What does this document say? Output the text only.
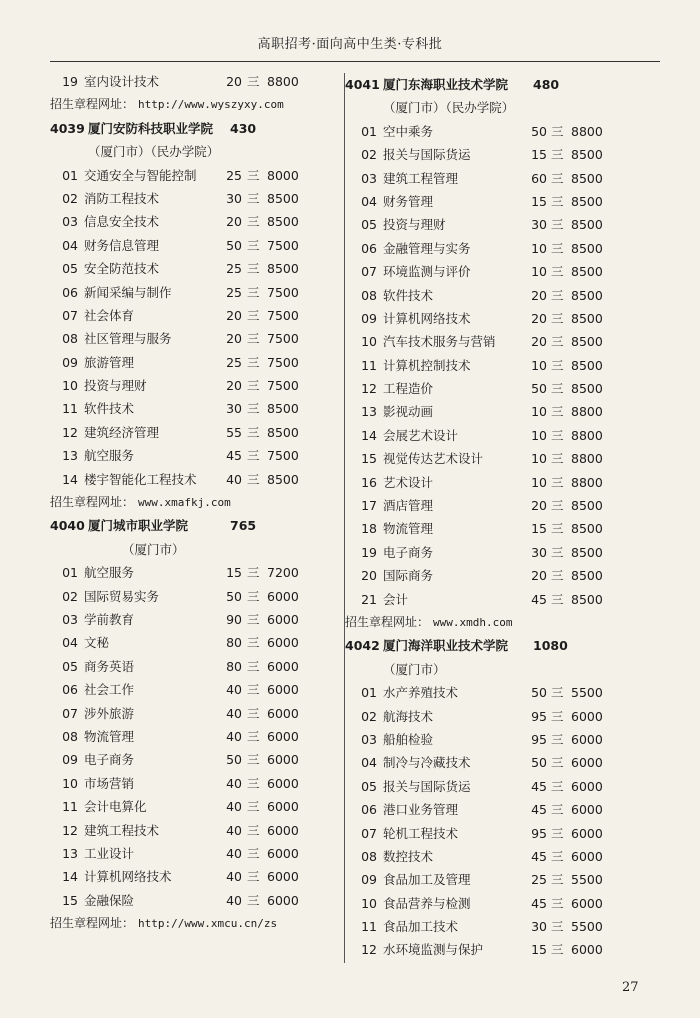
高职招考·面向高中生类·专科批
19 室内设计技术	20 三 8800
招生章程网址： http://www.wyszyxy.com
4039 厦门安防科技职业学院 430
（厦门市）（民办学院）
01 交通安全与智能控制	25 三 8000
02 消防工程技术	30 三 8500
03 信息安全技术	20 三 8500
04 财务信息管理	50 三 7500
05 安全防范技术	25 三 8500
06 新闻采编与制作	25 三 7500
07 社会体育	20 三 7500
08 社区管理与服务	20 三 7500
09 旅游管理	25 三 7500
10 投资与理财	20 三 7500
11 软件技术	30 三 8500
12 建筑经济管理	55 三 8500
13 航空服务	45 三 7500
14 楼宇智能化工程技术	40 三 8500
招生章程网址： www.xmafkj.com
4040 厦门城市职业学院	765
（厦门市）
01 航空服务	15 三 7200
02 国际贸易实务	50 三 6000
03 学前教育	90 三 6000
04 文秘	80 三 6000
05 商务英语	80 三 6000
06 社会工作	40 三 6000
07 涉外旅游	40 三 6000
08 物流管理	40 三 6000
09 电子商务	50 三 6000
10 市场营销	40 三 6000
11 会计电算化	40 三 6000
12 建筑工程技术	40 三 6000
13 工业设计	40 三 6000
14 计算机网络技术	40 三 6000
15 金融保险	40 三 6000
招生章程网址： http://www.xmcu.cn/zs
4041 厦门东海职业技术学院 480
（厦门市）（民办学院）
01 空中乘务	50 三 8800
02 报关与国际货运	15 三 8500
03 建筑工程管理	60 三 8500
04 财务管理	15 三 8500
05 投资与理财	30 三 8500
06 金融管理与实务	10 三 8500
07 环境监测与评价	10 三 8500
08 软件技术	20 三 8500
09 计算机网络技术	20 三 8500
10 汽车技术服务与营销	20 三 8500
11 计算机控制技术	10 三 8500
12 工程造价	50 三 8500
13 影视动画	10 三 8800
14 会展艺术设计	10 三 8800
15 视觉传达艺术设计	10 三 8800
16 艺术设计	10 三 8800
17 酒店管理	20 三 8500
18 物流管理	15 三 8500
19 电子商务	30 三 8500
20 国际商务	20 三 8500
21 会计	45 三 8500
招生章程网址： www.xmdh.com
4042 厦门海洋职业技术学院 1080
（厦门市）
01 水产养殖技术	50 三 5500
02 航海技术	95 三 6000
03 船舶检验	95 三 6000
04 制冷与冷藏技术	50 三 6000
05 报关与国际货运	45 三 6000
06 港口业务管理	45 三 6000
07 轮机工程技术	95 三 6000
08 数控技术	45 三 6000
09 食品加工及管理	25 三 5500
10 食品营养与检测	45 三 6000
11 食品加工技术	30 三 5500
12 水环境监测与保护	15 三 6000
27
